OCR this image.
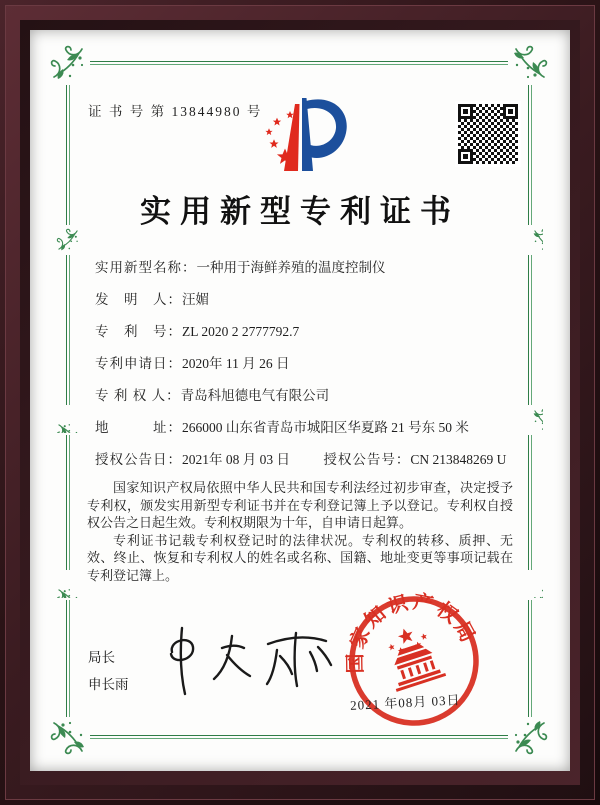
证 书 号 第 13844980 号
实用新型专利证书
实用新型名称：一种用于海鲜养殖的温度控制仪
发　明　人：汪媚
专　利　号：ZL 2020 2 2777792.7
专利申请日：2020年 11 月 26 日
专 利 权 人：青岛科旭德电气有限公司
地　　　址：266000 山东省青岛市城阳区华夏路 21 号东 50 米
授权公告日：2021年 08 月 03 日 授权公告号：CN 213848269 U

国家知识产权局依照中华人民共和国专利法经过初步审查，决定授予专利权，颁发实用新型专利证书并在专利登记簿上予以登记。专利权自授权公告之日起生效。专利权期限为十年，自申请日起算。

专利证书记载专利权登记时的法律状况。专利权的转移、质押、无效、终止、恢复和专利权人的姓名或名称、国籍、地址变更等事项记载在专利登记簿上。

局长
申长雨
国家知识产权局
2021 年08月 03日
